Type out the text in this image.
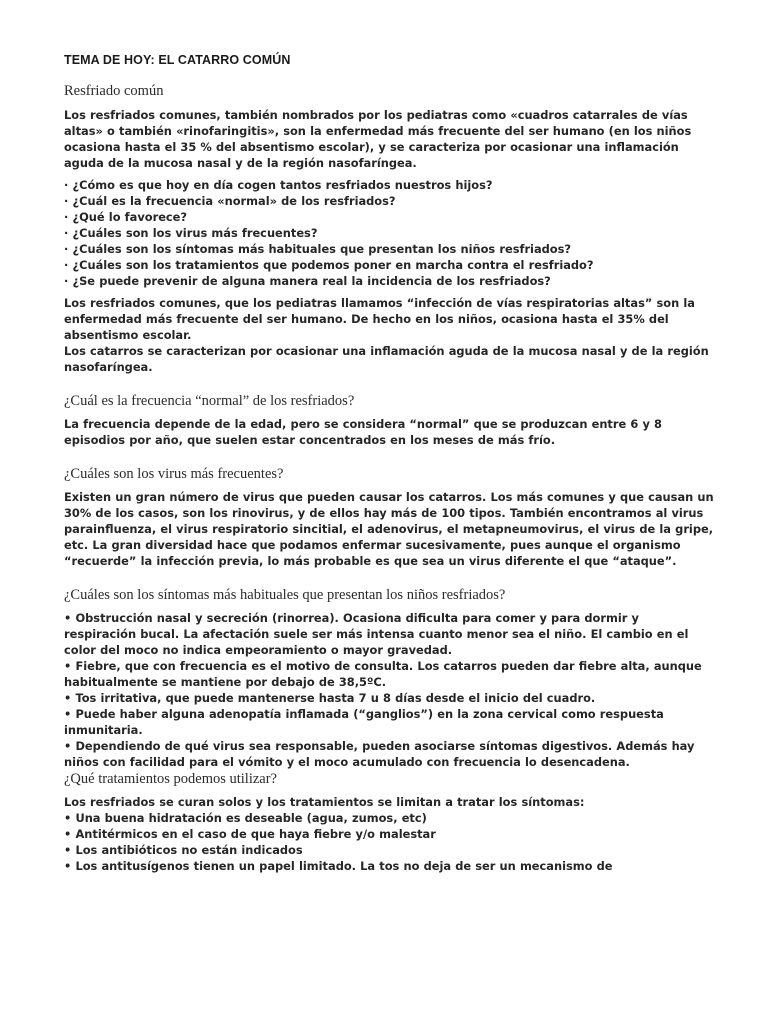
TEMA DE HOY: EL CATARRO COMÚN
Resfriado común

Los resfriados comunes, también nombrados por los pediatras como «cuadros catarrales de vías altas» o también «rinofaringitis», son la enfermedad más frecuente del ser humano (en los niños ocasiona hasta el 35 % del absentismo escolar), y se caracteriza por ocasionar una inflamación aguda de la mucosa nasal y de la región nasofaríngea.

· ¿Cómo es que hoy en día cogen tantos resfriados nuestros hijos?
· ¿Cuál es la frecuencia «normal» de los resfriados?
· ¿Qué lo favorece?
· ¿Cuáles son los virus más frecuentes?
· ¿Cuáles son los síntomas más habituales que presentan los niños resfriados?
· ¿Cuáles son los tratamientos que podemos poner en marcha contra el resfriado?
· ¿Se puede prevenir de alguna manera real la incidencia de los resfriados?

Los resfriados comunes, que los pediatras llamamos “infección de vías respiratorias altas” son la enfermedad más frecuente del ser humano. De hecho en los niños, ocasiona hasta el 35% del absentismo escolar.

Los catarros se caracterizan por ocasionar una inflamación aguda de la mucosa nasal y de la región nasofaríngea.

¿Cuál es la frecuencia “normal” de los resfriados?

La frecuencia depende de la edad, pero se considera “normal” que se produzcan entre 6 y 8 episodios por año, que suelen estar concentrados en los meses de más frío.

¿Cuáles son los virus más frecuentes?

Existen un gran número de virus que pueden causar los catarros. Los más comunes y que causan un 30% de los casos, son los rinovirus, y de ellos hay más de 100 tipos. También encontramos al virus parainfluenza, el virus respiratorio sincitial, el adenovirus, el metapneumovirus, el virus de la gripe, etc. La gran diversidad hace que podamos enfermar sucesivamente, pues aunque el organismo “recuerde” la infección previa, lo más probable es que sea un virus diferente el que “ataque”.

¿Cuáles son los síntomas más habituales que presentan los niños resfriados?
• Obstrucción nasal y secreción (rinorrea). Ocasiona dificulta para comer y para dormir y respiración bucal. La afectación suele ser más intensa cuanto menor sea el niño. El cambio en el color del moco no indica empeoramiento o mayor gravedad.
• Fiebre, que con frecuencia es el motivo de consulta. Los catarros pueden dar fiebre alta, aunque habitualmente se mantiene por debajo de 38,5ºC.
• Tos irritativa, que puede mantenerse hasta 7 u 8 días desde el inicio del cuadro.
• Puede haber alguna adenopatía inflamada (“ganglios”) en la zona cervical como respuesta inmunitaria.
• Dependiendo de qué virus sea responsable, pueden asociarse síntomas digestivos. Además hay niños con facilidad para el vómito y el moco acumulado con frecuencia lo desencadena.
¿Qué tratamientos podemos utilizar?

Los resfriados se curan solos y los tratamientos se limitan a tratar los síntomas:

• Una buena hidratación es deseable (agua, zumos, etc)
• Antitérmicos en el caso de que haya fiebre y/o malestar
• Los antibióticos no están indicados
• Los antitusígenos tienen un papel limitado. La tos no deja de ser un mecanismo de
